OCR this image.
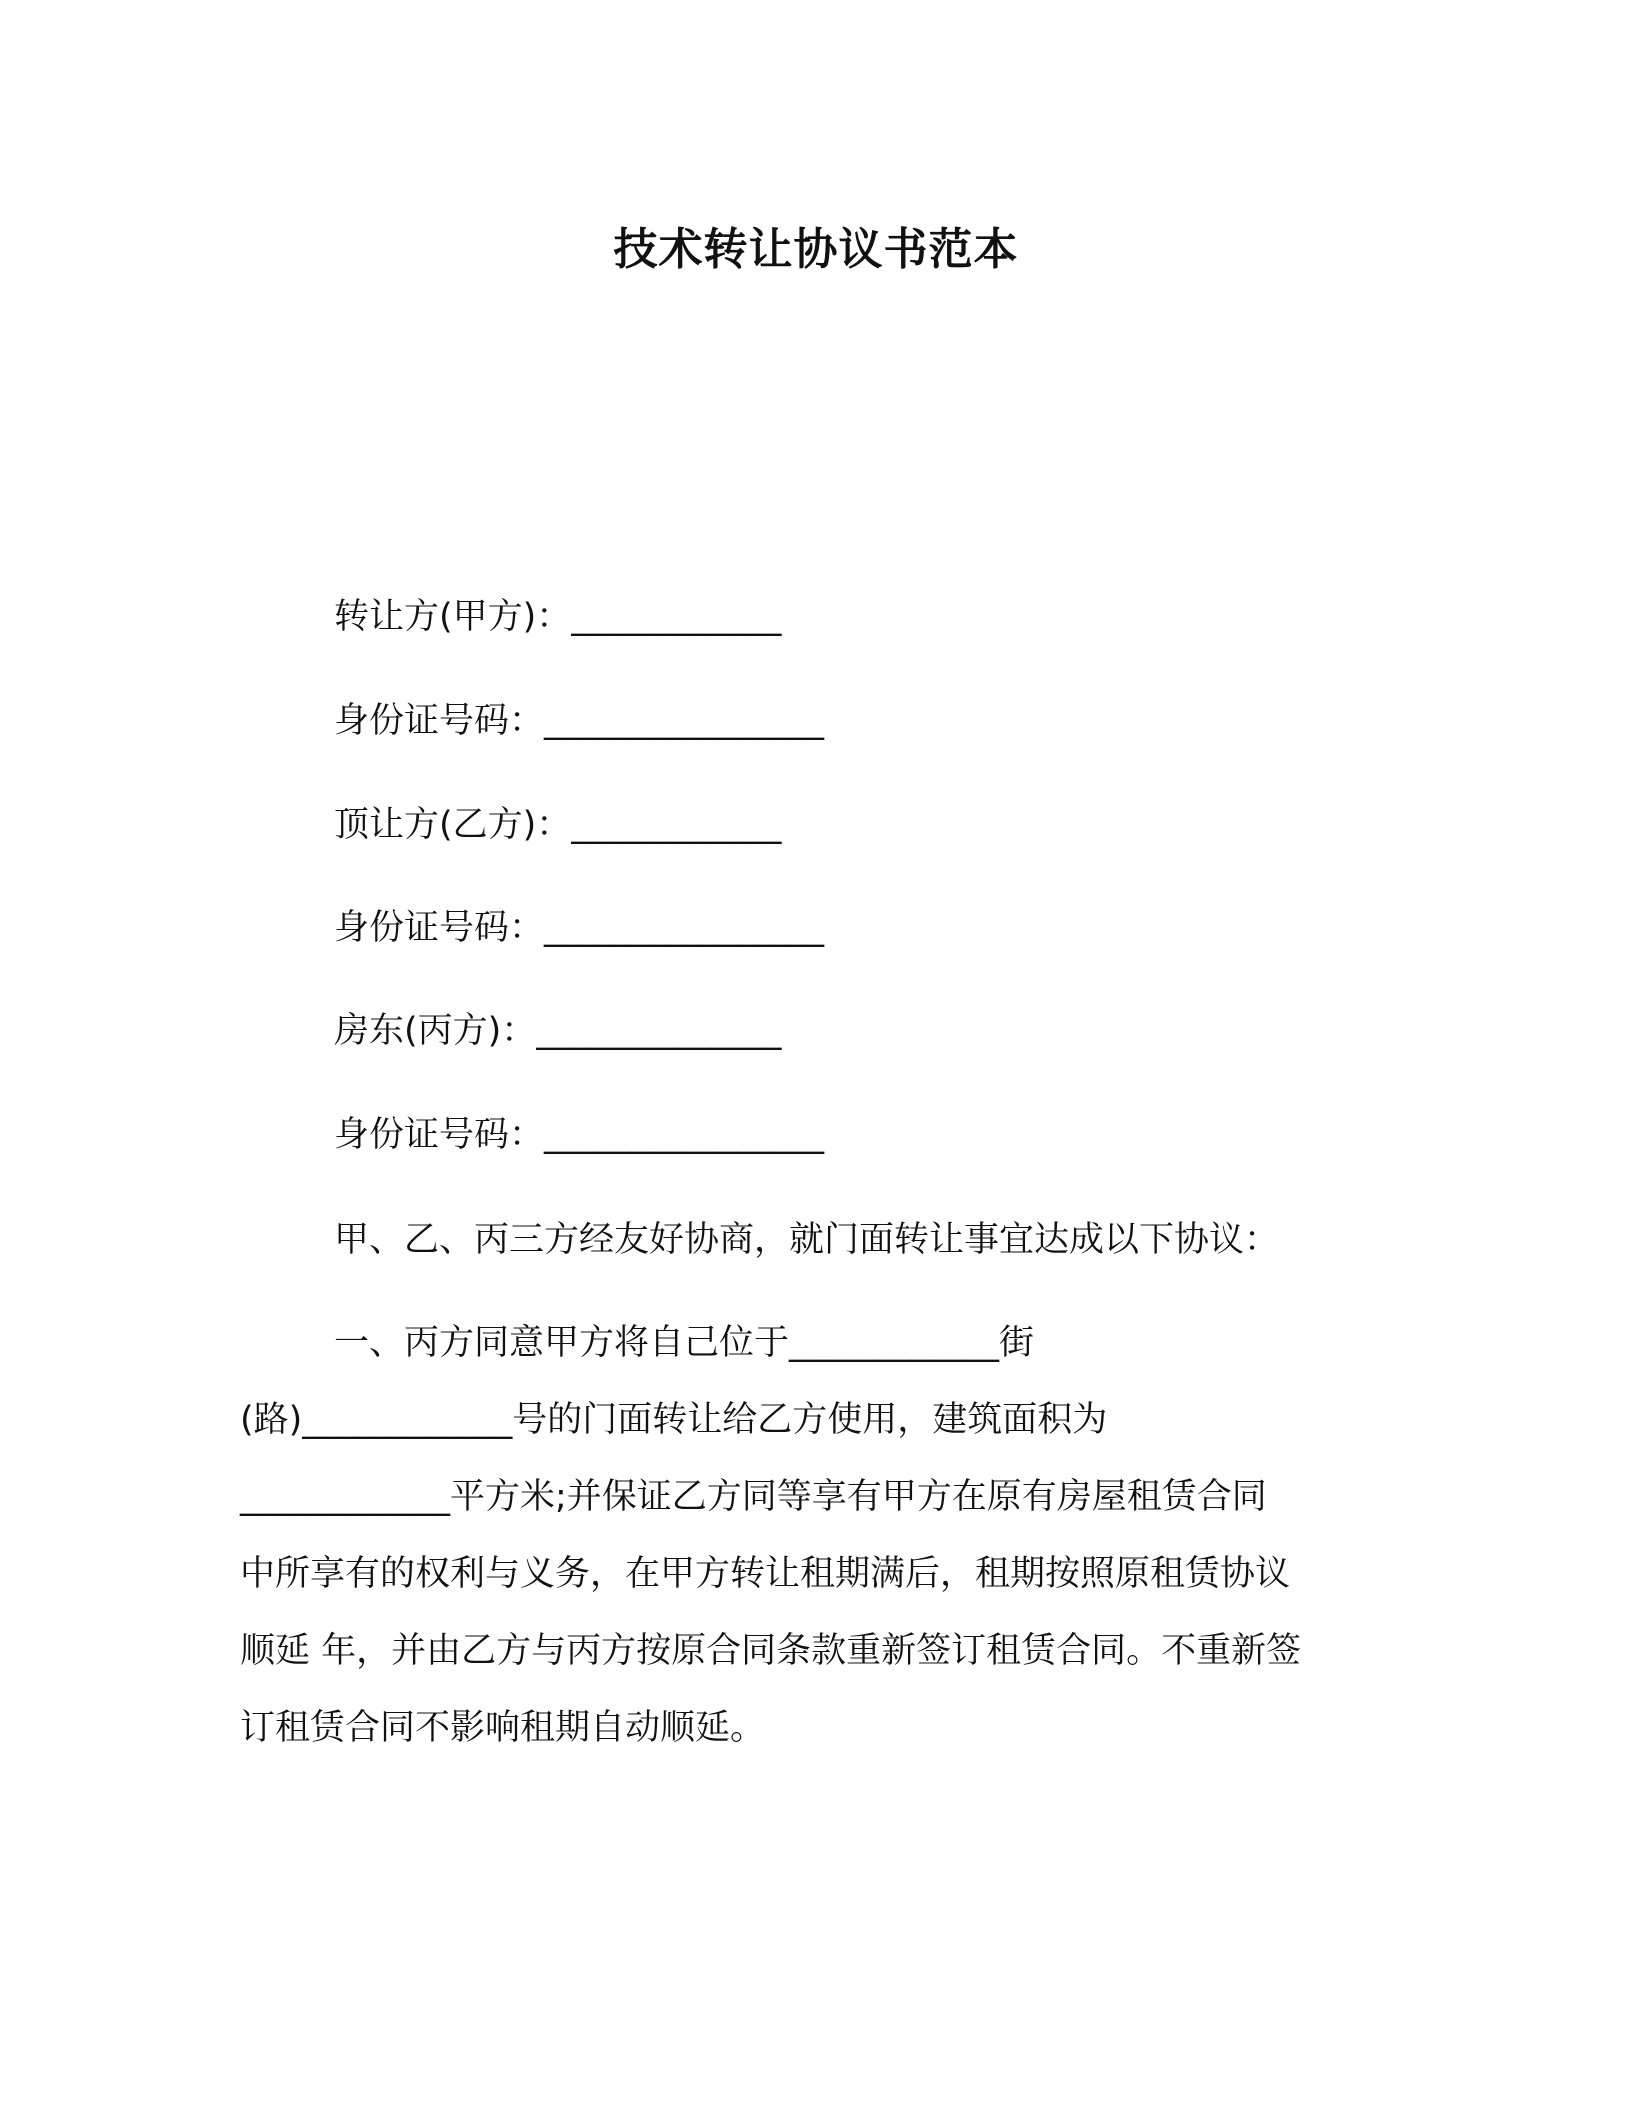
技术转让协议书范本
转让方(甲方)：____________
身份证号码：________________
顶让方(乙方)：____________
身份证号码：________________
房东(丙方)：______________
身份证号码：________________
甲、乙、丙三方经友好协商，就门面转让事宜达成以下协议：
一、丙方同意甲方将自己位于____________街
(路)____________号的门面转让给乙方使用，建筑面积为
____________平方米;并保证乙方同等享有甲方在原有房屋租赁合同
中所享有的权利与义务，在甲方转让租期满后，租期按照原租赁协议
顺延 年，并由乙方与丙方按原合同条款重新签订租赁合同。不重新签
订租赁合同不影响租期自动顺延。
